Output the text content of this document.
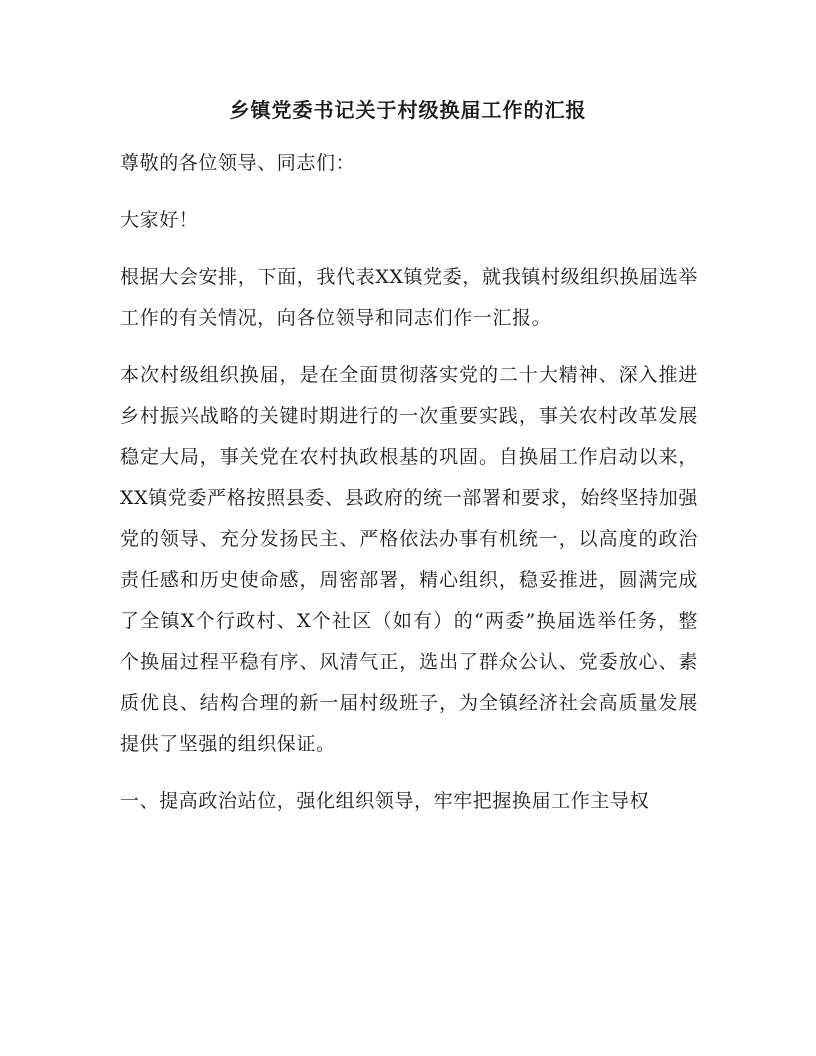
乡镇党委书记关于村级换届工作的汇报

尊敬的各位领导、同志们：

大家好！

根据大会安排，下面，我代表XX镇党委，就我镇村级组织换届选举工作的有关情况，向各位领导和同志们作一汇报。

本次村级组织换届，是在全面贯彻落实党的二十大精神、深入推进乡村振兴战略的关键时期进行的一次重要实践，事关农村改革发展稳定大局，事关党在农村执政根基的巩固。自换届工作启动以来，XX镇党委严格按照县委、县政府的统一部署和要求，始终坚持加强党的领导、充分发扬民主、严格依法办事有机统一，以高度的政治责任感和历史使命感，周密部署，精心组织，稳妥推进，圆满完成了全镇X个行政村、X个社区（如有）的“两委”换届选举任务，整个换届过程平稳有序、风清气正，选出了群众公认、党委放心、素质优良、结构合理的新一届村级班子，为全镇经济社会高质量发展提供了坚强的组织保证。

一、提高政治站位，强化组织领导，牢牢把握换届工作主导权
